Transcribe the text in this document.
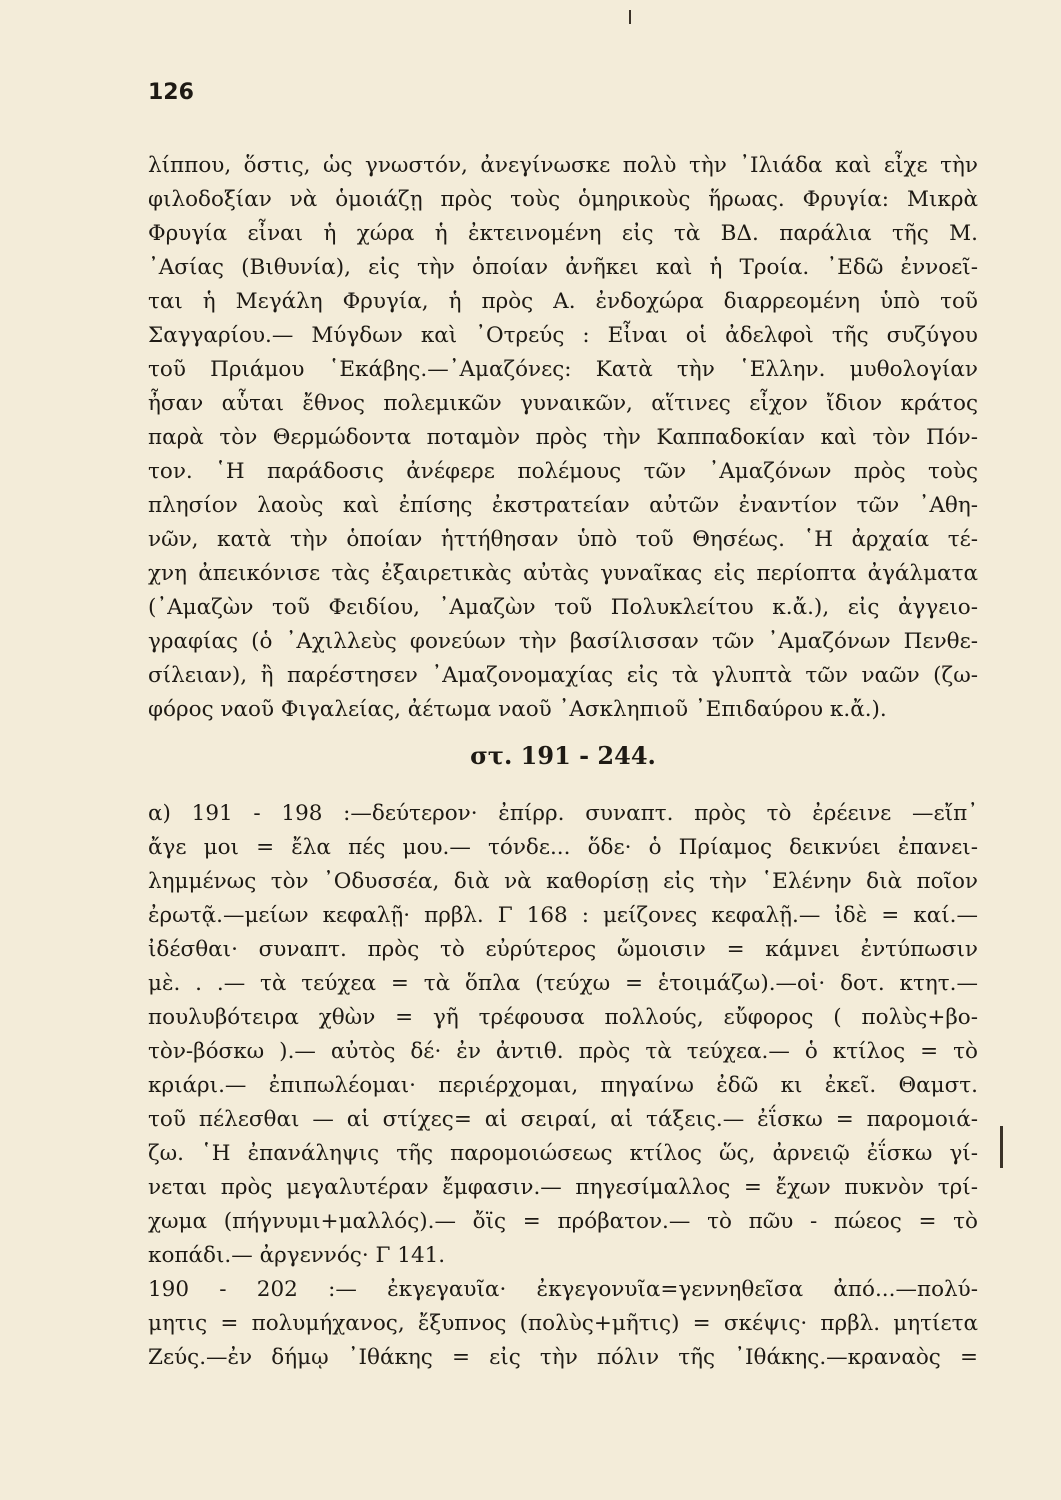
126
λίππου, ὅστις, ὡς γνωστόν, ἀνεγίνωσκε πολὺ τὴν ᾿Ιλιάδα καὶ εἶχε τὴν
φιλοδοξίαν νὰ ὁμοιάζῃ πρὸς τοὺς ὁμηρικοὺς ἥρωας. Φρυγία: Μικρὰ
Φρυγία εἶναι ἡ χώρα ἡ ἐκτεινομένη εἰς τὰ ΒΔ. παράλια τῆς Μ.
᾿Ασίας (Βιθυνία), εἰς τὴν ὁποίαν ἀνῆκει καὶ ἡ Τροία. ᾿Εδῶ ἐννοεῖ-
ται ἡ Μεγάλη Φρυγία, ἡ πρὸς Α. ἐνδοχώρα διαρρεομένη ὑπὸ τοῦ
Σαγγαρίου.— Μύγδων καὶ ᾿Οτρεύς : Εἶναι οἱ ἀδελφοὶ τῆς συζύγου
τοῦ Πριάμου ῾Εκάβης.—᾿Αμαζόνες: Κατὰ τὴν ῾Ελλην. μυθολογίαν
ἦσαν αὗται ἔθνος πολεμικῶν γυναικῶν, αἵτινες εἶχον ἴδιον κράτος
παρὰ τὸν Θερμώδοντα ποταμὸν πρὸς τὴν Καππαδοκίαν καὶ τὸν Πόν-
τον. ῾Η παράδοσις ἀνέφερε πολέμους τῶν ᾿Αμαζόνων πρὸς τοὺς
πλησίον λαοὺς καὶ ἐπίσης ἐκστρατείαν αὐτῶν ἐναντίον τῶν ᾿Αθη-
νῶν, κατὰ τὴν ὁποίαν ἡττήθησαν ὑπὸ τοῦ Θησέως. ῾Η ἀρχαία τέ-
χνη ἀπεικόνισε τὰς ἐξαιρετικὰς αὐτὰς γυναῖκας εἰς περίοπτα ἀγάλματα
(᾿Αμαζὼν τοῦ Φειδίου, ᾿Αμαζὼν τοῦ Πολυκλείτου κ.ἄ.), εἰς ἀγγειο-
γραφίας (ὁ ᾿Αχιλλεὺς φονεύων τὴν βασίλισσαν τῶν ᾿Αμαζόνων Πενθε-
σίλειαν), ἢ παρέστησεν ᾿Αμαζονομαχίας εἰς τὰ γλυπτὰ τῶν ναῶν (ζω-
φόρος ναοῦ Φιγαλείας, ἀέτωμα ναοῦ ᾿Ασκληπιοῦ ᾿Επιδαύρου κ.ἄ.).
στ. 191 - 244.
α) 191 - 198 :—δεύτερον· ἐπίρρ. συναπτ. πρὸς τὸ ἐρέεινε —εἴπ᾿
ἄγε μοι = ἔλα πές μου.— τόνδε... ὅδε· ὁ Πρίαμος δεικνύει ἐπανει-
λημμένως τὸν ᾿Οδυσσέα, διὰ νὰ καθορίσῃ εἰς τὴν ῾Ελένην διὰ ποῖον
ἐρωτᾷ.—μείων κεφαλῇ· πρβλ. Γ 168 : μείζονες κεφαλῇ.— ἰδὲ = καί.—
ἰδέσθαι· συναπτ. πρὸς τὸ εὐρύτερος ὤμοισιν = κάμνει ἐντύπωσιν
μὲ. . .— τὰ τεύχεα = τὰ ὅπλα (τεύχω = ἑτοιμάζω).—οἱ· δοτ. κτητ.—
πουλυβότειρα χθὼν = γῆ τρέφουσα πολλούς, εὔφορος ( πολὺς+βο-
τὸν-βόσκω ).— αὐτὸς δέ· ἐν ἀντιθ. πρὸς τὰ τεύχεα.— ὁ κτίλος = τὸ
κριάρι.— ἐπιπωλέομαι· περιέρχομαι, πηγαίνω ἐδῶ κι ἐκεῖ. Θαμστ.
τοῦ πέλεσθαι — αἱ στίχες= αἱ σειραί, αἱ τάξεις.— ἐΐσκω = παρομοιά-
ζω. ῾Η ἐπανάληψις τῆς παρομοιώσεως κτίλος ὥς, ἀρνειῷ ἐΐσκω γί-
νεται πρὸς μεγαλυτέραν ἔμφασιν.— πηγεσίμαλλος = ἔχων πυκνὸν τρί-
χωμα (πήγνυμι+μαλλός).— ὄϊς = πρόβατον.— τὸ πῶυ - πώεος = τὸ
κοπάδι.— ἀργεννός· Γ 141.
190 - 202 :— ἐκγεγαυῖα· ἐκγεγονυῖα=γεννηθεῖσα ἀπό...—πολύ-
μητις = πολυμήχανος, ἔξυπνος (πολὺς+μῆτις) = σκέψις· πρβλ. μητίετα
Ζεύς.—ἐν δήμῳ ᾿Ιθάκης = εἰς τὴν πόλιν τῆς ᾿Ιθάκης.—κραναὸς =
